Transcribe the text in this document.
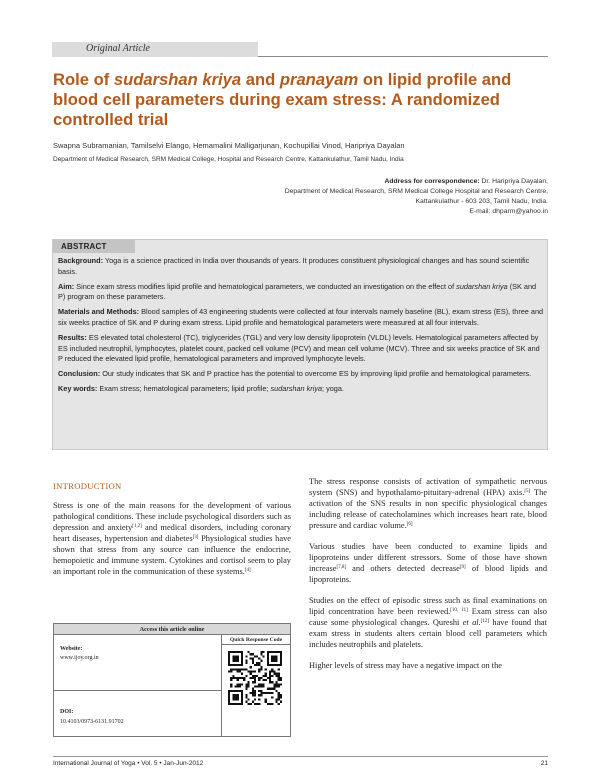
Original Article
Role of sudarshan kriya and pranayam on lipid profile and blood cell parameters during exam stress: A randomized controlled trial
Swapna Subramanian, Tamilselvi Elango, Hemamalini Malligarjunan, Kochupillai Vinod, Haripriya Dayalan
Department of Medical Research, SRM Medical College, Hospital and Research Centre, Kattankulathur, Tamil Nadu, India
Address for correspondence: Dr. Haripriya Dayalan,
Department of Medical Research, SRM Medical College Hospital and Research Centre,
Kattankulathur - 603 203, Tamil Nadu, India.
E-mail: dhparm@yahoo.in
ABSTRACT

Background: Yoga is a science practiced in India over thousands of years. It produces constituent physiological changes and has sound scientific basis.

Aim: Since exam stress modifies lipid profile and hematological parameters, we conducted an investigation on the effect of sudarshan kriya (SK and P) program on these parameters.

Materials and Methods: Blood samples of 43 engineering students were collected at four intervals namely baseline (BL), exam stress (ES), three and six weeks practice of SK and P during exam stress. Lipid profile and hematological parameters were measured at all four intervals.

Results: ES elevated total cholesterol (TC), triglycerides (TGL) and very low density lipoprotein (VLDL) levels. Hematological parameters affected by ES included neutrophil, lymphocytes, platelet count, packed cell volume (PCV) and mean cell volume (MCV). Three and six weeks practice of SK and P reduced the elevated lipid profile, hematological parameters and improved lymphocyte levels.

Conclusion: Our study indicates that SK and P practice has the potential to overcome ES by improving lipid profile and hematological parameters.

Key words: Exam stress; hematological parameters; lipid profile; sudarshan kriya; yoga.

INTRODUCTION

Stress is one of the main reasons for the development of various pathological conditions. These include psychological disorders such as depression and anxiety[1,2] and medical disorders, including coronary heart diseases, hypertension and diabetes[3] Physiological studies have shown that stress from any source can influence the endocrine, hemopoietic and immune system. Cytokines and cortisol seem to play an important role in the communication of these systems.[4]

Access this article online
Quick Response Code
Website:
www.ijoy.org.in
DOI:
10.4103/0973-6131.91702

The stress response consists of activation of sympathetic nervous system (SNS) and hypothalamo-pituitary-adrenal (HPA) axis.[5] The activation of the SNS results in non specific physiological changes including release of catecholamines which increases heart rate, blood pressure and cardiac volume.[6]

Various studies have been conducted to examine lipids and lipoproteins under different stressors. Some of those have shown increase[7,8] and others detected decrease[9] of blood lipids and lipoproteins.

Studies on the effect of episodic stress such as final examinations on lipid concentration have been reviewed.[10, 11] Exam stress can also cause some physiological changes. Qureshi et al.[12] have found that exam stress in students alters certain blood cell parameters which includes neutrophils and platelets.

Higher levels of stress may have a negative impact on the

International Journal of Yoga • Vol. 5 • Jan-Jun-2012	21
